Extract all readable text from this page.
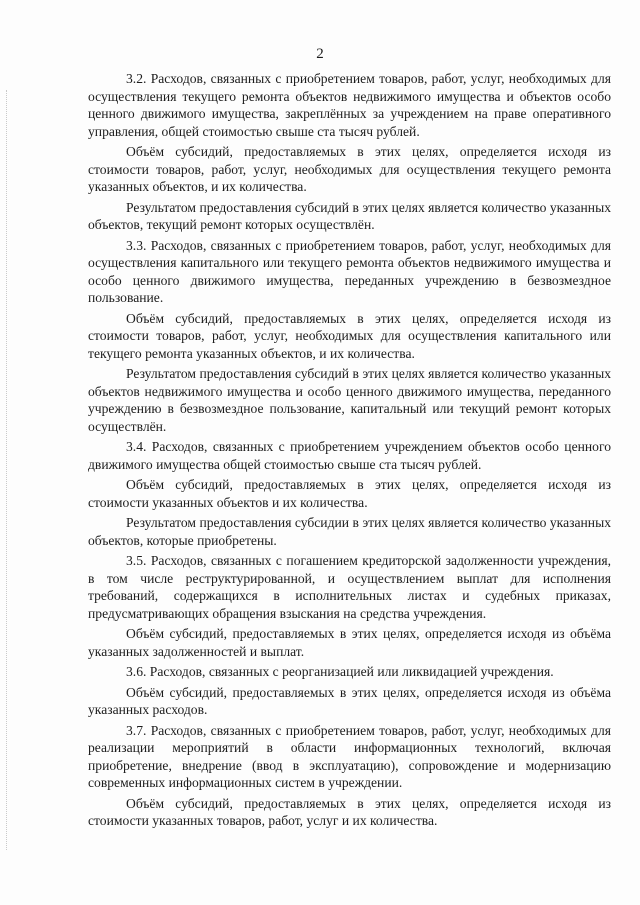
2

3.2. Расходов, связанных с приобретением товаров, работ, услуг, необходимых для осуществления текущего ремонта объектов недвижимого имущества и объектов особо ценного движимого имущества, закреплённых за учреждением на праве оперативного управления, общей стоимостью свыше ста тысяч рублей.

Объём субсидий, предоставляемых в этих целях, определяется исходя из стоимости товаров, работ, услуг, необходимых для осуществления текущего ремонта указанных объектов, и их количества.

Результатом предоставления субсидий в этих целях является количество указанных объектов, текущий ремонт которых осуществлён.

3.3. Расходов, связанных с приобретением товаров, работ, услуг, необходимых для осуществления капитального или текущего ремонта объектов недвижимого имущества и особо ценного движимого имущества, переданных учреждению в безвозмездное пользование.

Объём субсидий, предоставляемых в этих целях, определяется исходя из стоимости товаров, работ, услуг, необходимых для осуществления капитального или текущего ремонта указанных объектов, и их количества.

Результатом предоставления субсидий в этих целях является количество указанных объектов недвижимого имущества и особо ценного движимого имущества, переданного учреждению в безвозмездное пользование, капитальный или текущий ремонт которых осуществлён.

3.4. Расходов, связанных с приобретением учреждением объектов особо ценного движимого имущества общей стоимостью свыше ста тысяч рублей.

Объём субсидий, предоставляемых в этих целях, определяется исходя из стоимости указанных объектов и их количества.

Результатом предоставления субсидии в этих целях является количество указанных объектов, которые приобретены.

3.5. Расходов, связанных с погашением кредиторской задолженности учреждения, в том числе реструктурированной, и осуществлением выплат для исполнения требований, содержащихся в исполнительных листах и судебных приказах, предусматривающих обращения взыскания на средства учреждения.

Объём субсидий, предоставляемых в этих целях, определяется исходя из объёма указанных задолженностей и выплат.

3.6. Расходов, связанных с реорганизацией или ликвидацией учреждения.

Объём субсидий, предоставляемых в этих целях, определяется исходя из объёма указанных расходов.

3.7. Расходов, связанных с приобретением товаров, работ, услуг, необходимых для реализации мероприятий в области информационных технологий, включая приобретение, внедрение (ввод в эксплуатацию), сопровождение и модернизацию современных информационных систем в учреждении.

Объём субсидий, предоставляемых в этих целях, определяется исходя из стоимости указанных товаров, работ, услуг и их количества.
